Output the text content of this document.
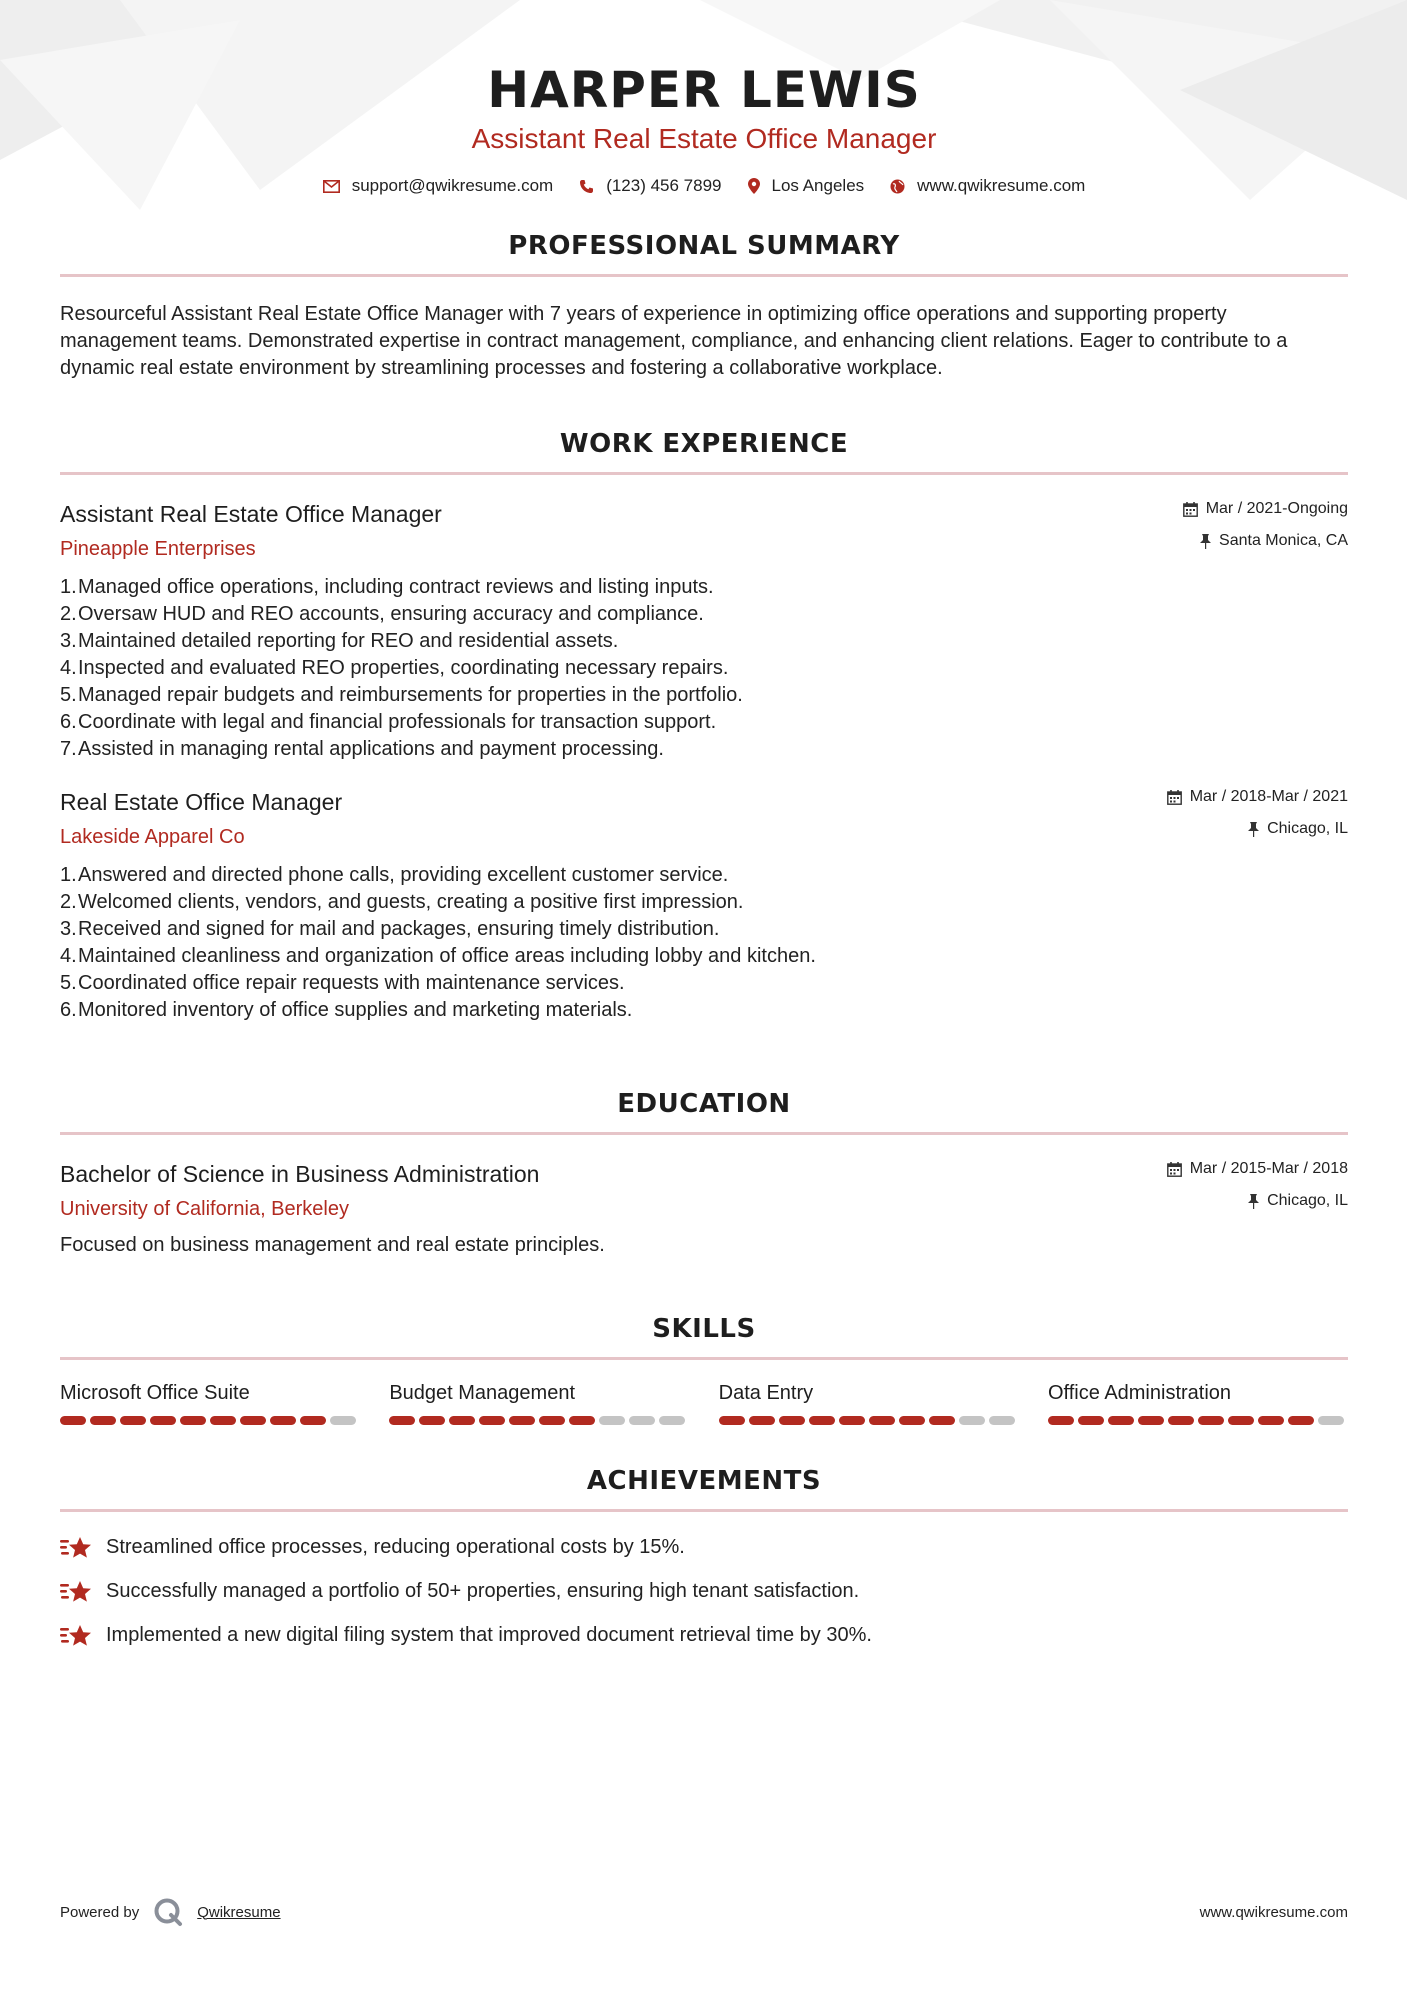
HARPER LEWIS
Assistant Real Estate Office Manager
support@qwikresume.com	(123) 456 7899	Los Angeles	www.qwikresume.com
PROFESSIONAL SUMMARY

Resourceful Assistant Real Estate Office Manager with 7 years of experience in optimizing office operations and supporting property management teams. Demonstrated expertise in contract management, compliance, and enhancing client relations. Eager to contribute to a dynamic real estate environment by streamlining processes and fostering a collaborative workplace.

WORK EXPERIENCE
Assistant Real Estate Office Manager
Pineapple Enterprises
Mar / 2021-Ongoing
Santa Monica, CA
1. Managed office operations, including contract reviews and listing inputs.
2. Oversaw HUD and REO accounts, ensuring accuracy and compliance.
3. Maintained detailed reporting for REO and residential assets.
4. Inspected and evaluated REO properties, coordinating necessary repairs.
5. Managed repair budgets and reimbursements for properties in the portfolio.
6. Coordinate with legal and financial professionals for transaction support.
7. Assisted in managing rental applications and payment processing.
Real Estate Office Manager
Lakeside Apparel Co
Mar / 2018-Mar / 2021
Chicago, IL
1. Answered and directed phone calls, providing excellent customer service.
2. Welcomed clients, vendors, and guests, creating a positive first impression.
3. Received and signed for mail and packages, ensuring timely distribution.
4. Maintained cleanliness and organization of office areas including lobby and kitchen.
5. Coordinated office repair requests with maintenance services.
6. Monitored inventory of office supplies and marketing materials.
EDUCATION
Bachelor of Science in Business Administration
University of California, Berkeley
Mar / 2015-Mar / 2018
Chicago, IL

Focused on business management and real estate principles.

SKILLS
Microsoft Office Suite	Budget Management	Data Entry	Office Administration
ACHIEVEMENTS
Streamlined office processes, reducing operational costs by 15%.
Successfully managed a portfolio of 50+ properties, ensuring high tenant satisfaction.
Implemented a new digital filing system that improved document retrieval time by 30%.
Powered by	Qwikresume	www.qwikresume.com
